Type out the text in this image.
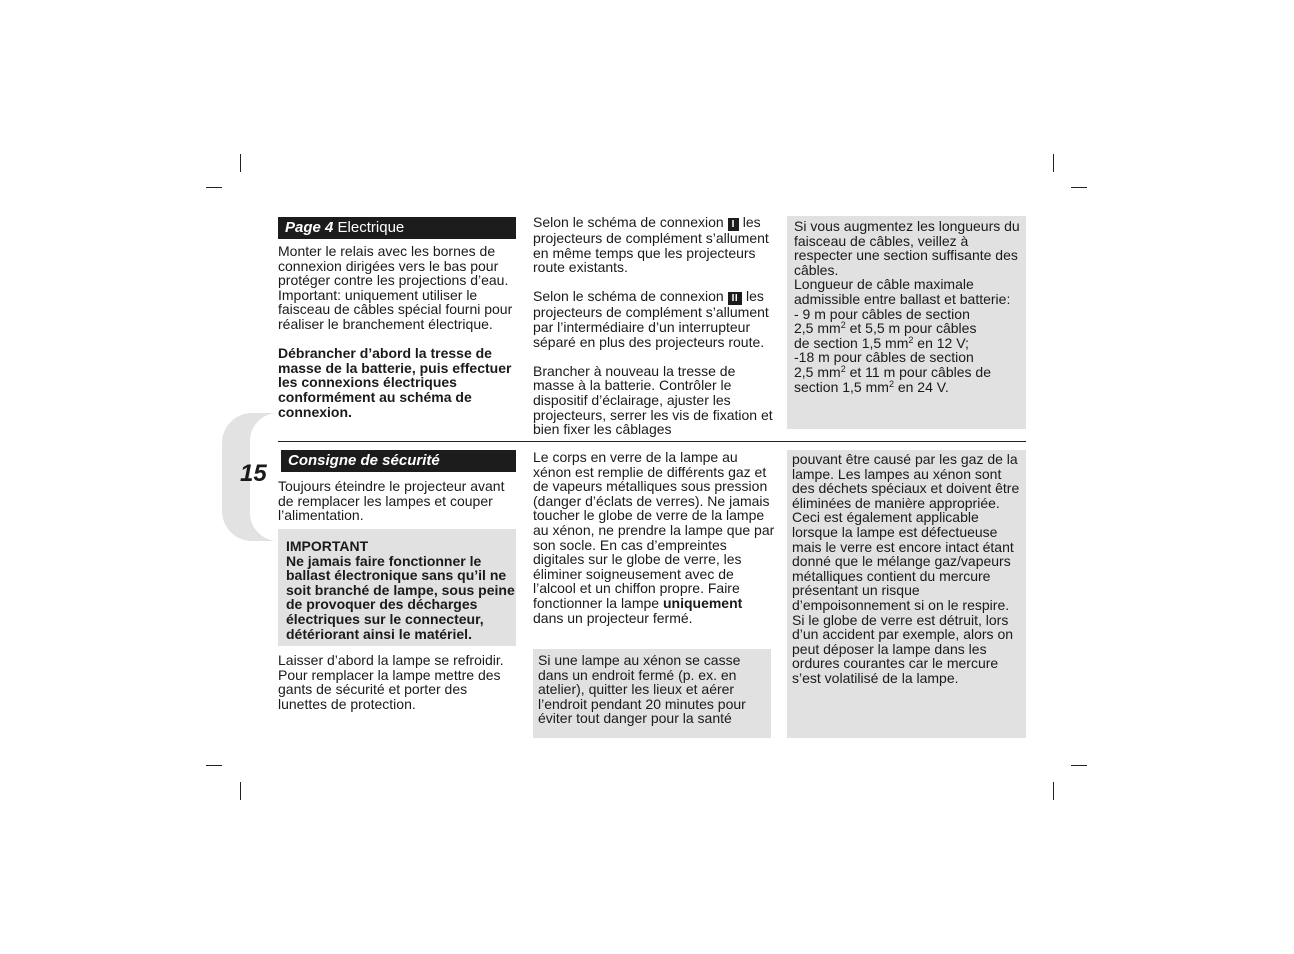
15
Page 4 Electrique

Monter le relais avec les bornes de connexion dirigées vers le bas pour protéger contre les projections d’eau. Important: uniquement utiliser le faisceau de câbles spécial fourni pour réaliser le branchement électrique.

Débrancher d’abord la tresse de masse de la batterie, puis effectuer les connexions électriques conformément au schéma de connexion.

Selon le schéma de connexion I les projecteurs de complément s’allument en même temps que les projecteurs route existants.

Selon le schéma de connexion II les projecteurs de complément s’allument par l’intermédiaire d’un interrupteur séparé en plus des projecteurs route.

Brancher à nouveau la tresse de masse à la batterie. Contrôler le dispositif d’éclairage, ajuster les projecteurs, serrer les vis de fixation et bien fixer les câblages

Si vous augmentez les longueurs du faisceau de câbles, veillez à respecter une section suffisante des câbles.

Longueur de câble maximale admissible entre ballast et batterie:

- 9 m pour câbles de section

2,5 $mm^2$ et 5,5 m pour câbles

de section 1,5 $mm^2$ en 12 V;

-18 m pour câbles de section

2,5 $mm^2$ et 11 m pour câbles de

section 1,5 $mm^2$ en 24 V.

Consigne de sécurité

Toujours éteindre le projecteur avant de remplacer les lampes et couper l’alimentation.

IMPORTANT

Ne jamais faire fonctionner le ballast électronique sans qu’il ne soit branché de lampe, sous peine de provoquer des décharges électriques sur le connecteur, détériorant ainsi le matériel.

Laisser d’abord la lampe se refroidir. Pour remplacer la lampe mettre des gants de sécurité et porter des lunettes de protection.

Le corps en verre de la lampe au xénon est remplie de différents gaz et de vapeurs métalliques sous pression (danger d’éclats de verres). Ne jamais toucher le globe de verre de la lampe au xénon, ne prendre la lampe que par son socle. En cas d’empreintes digitales sur le globe de verre, les éliminer soigneusement avec de l’alcool et un chiffon propre. Faire fonctionner la lampe uniquement dans un projecteur fermé.

Si une lampe au xénon se casse dans un endroit fermé (p. ex. en atelier), quitter les lieux et aérer l’endroit pendant 20 minutes pour éviter tout danger pour la santé

pouvant être causé par les gaz de la lampe. Les lampes au xénon sont des déchets spéciaux et doivent être éliminées de manière appropriée. Ceci est également applicable lorsque la lampe est défectueuse mais le verre est encore intact étant donné que le mélange gaz/vapeurs métalliques contient du mercure présentant un risque d’empoisonnement si on le respire. Si le globe de verre est détruit, lors d’un accident par exemple, alors on peut déposer la lampe dans les ordures courantes car le mercure s’est volatilisé de la lampe.
